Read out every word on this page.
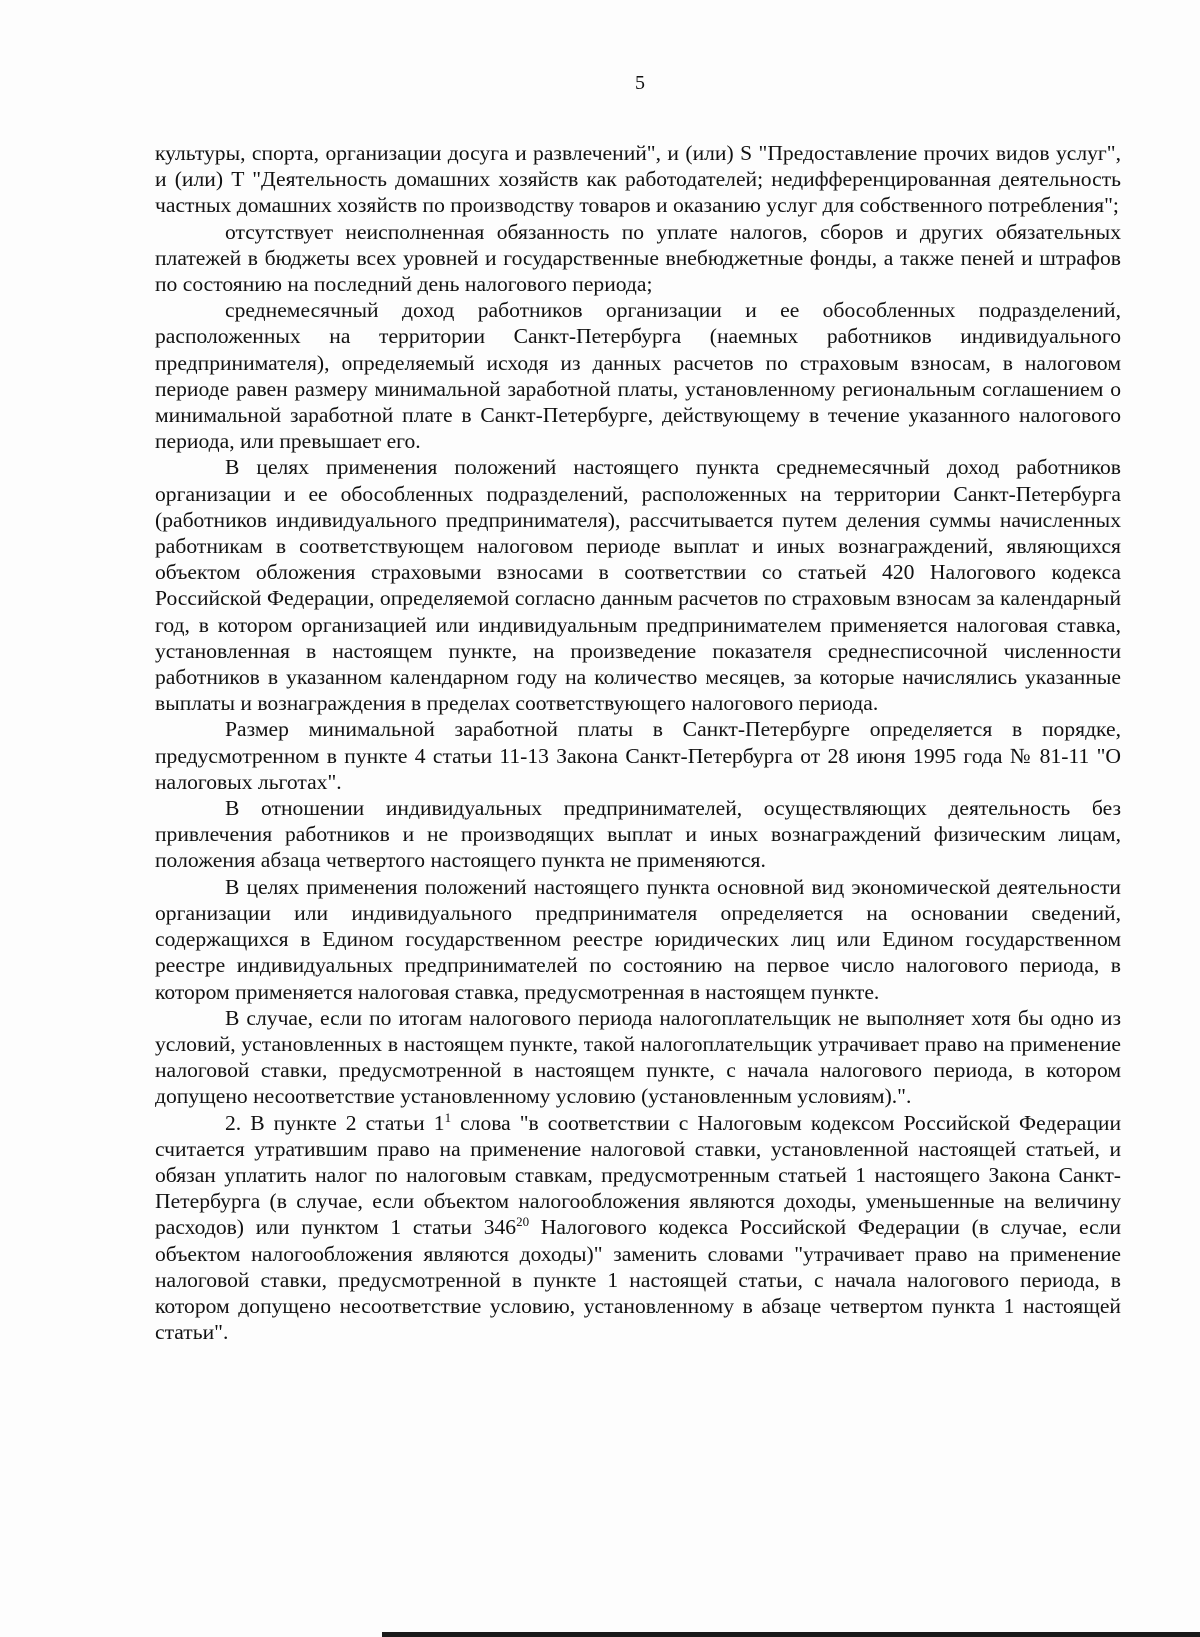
5

культуры, спорта, организации досуга и развлечений", и (или) S "Предоставление прочих видов услуг", и (или) T "Деятельность домашних хозяйств как работодателей; недифференцированная деятельность частных домашних хозяйств по производству товаров и оказанию услуг для собственного потребления";

отсутствует неисполненная обязанность по уплате налогов, сборов и других обязательных платежей в бюджеты всех уровней и государственные внебюджетные фонды, а также пеней и штрафов по состоянию на последний день налогового периода;

среднемесячный доход работников организации и ее обособленных подразделений, расположенных на территории Санкт-Петербурга (наемных работников индивидуального предпринимателя), определяемый исходя из данных расчетов по страховым взносам, в налоговом периоде равен размеру минимальной заработной платы, установленному региональным соглашением о минимальной заработной плате в Санкт-Петербурге, действующему в течение указанного налогового периода, или превышает его.

В целях применения положений настоящего пункта среднемесячный доход работников организации и ее обособленных подразделений, расположенных на территории Санкт-Петербурга (работников индивидуального предпринимателя), рассчитывается путем деления суммы начисленных работникам в соответствующем налоговом периоде выплат и иных вознаграждений, являющихся объектом обложения страховыми взносами в соответствии со статьей 420 Налогового кодекса Российской Федерации, определяемой согласно данным расчетов по страховым взносам за календарный год, в котором организацией или индивидуальным предпринимателем применяется налоговая ставка, установленная в настоящем пункте, на произведение показателя среднесписочной численности работников в указанном календарном году на количество месяцев, за которые начислялись указанные выплаты и вознаграждения в пределах соответствующего налогового периода.

Размер минимальной заработной платы в Санкт-Петербурге определяется в порядке, предусмотренном в пункте 4 статьи 11-13 Закона Санкт-Петербурга от 28 июня 1995 года № 81-11 "О налоговых льготах".

В отношении индивидуальных предпринимателей, осуществляющих деятельность без привлечения работников и не производящих выплат и иных вознаграждений физическим лицам, положения абзаца четвертого настоящего пункта не применяются.

В целях применения положений настоящего пункта основной вид экономической деятельности организации или индивидуального предпринимателя определяется на основании сведений, содержащихся в Едином государственном реестре юридических лиц или Едином государственном реестре индивидуальных предпринимателей по состоянию на первое число налогового периода, в котором применяется налоговая ставка, предусмотренная в настоящем пункте.

В случае, если по итогам налогового периода налогоплательщик не выполняет хотя бы одно из условий, установленных в настоящем пункте, такой налогоплательщик утрачивает право на применение налоговой ставки, предусмотренной в настоящем пункте, с начала налогового периода, в котором допущено несоответствие установленному условию (установленным условиям).".

2. В пункте 2 статьи $1^1$ слова "в соответствии с Налоговым кодексом Российской Федерации считается утратившим право на применение налоговой ставки, установленной настоящей статьей, и обязан уплатить налог по налоговым ставкам, предусмотренным статьей 1 настоящего Закона Санкт-Петербурга (в случае, если объектом налогообложения являются доходы, уменьшенные на величину расходов) или пунктом 1 статьи $346^{20}$ Налогового кодекса Российской Федерации (в случае, если объектом налогообложения являются доходы)" заменить словами "утрачивает право на применение налоговой ставки, предусмотренной в пункте 1 настоящей статьи, с начала налогового периода, в котором допущено несоответствие условию, установленному в абзаце четвертом пункта 1 настоящей статьи".
